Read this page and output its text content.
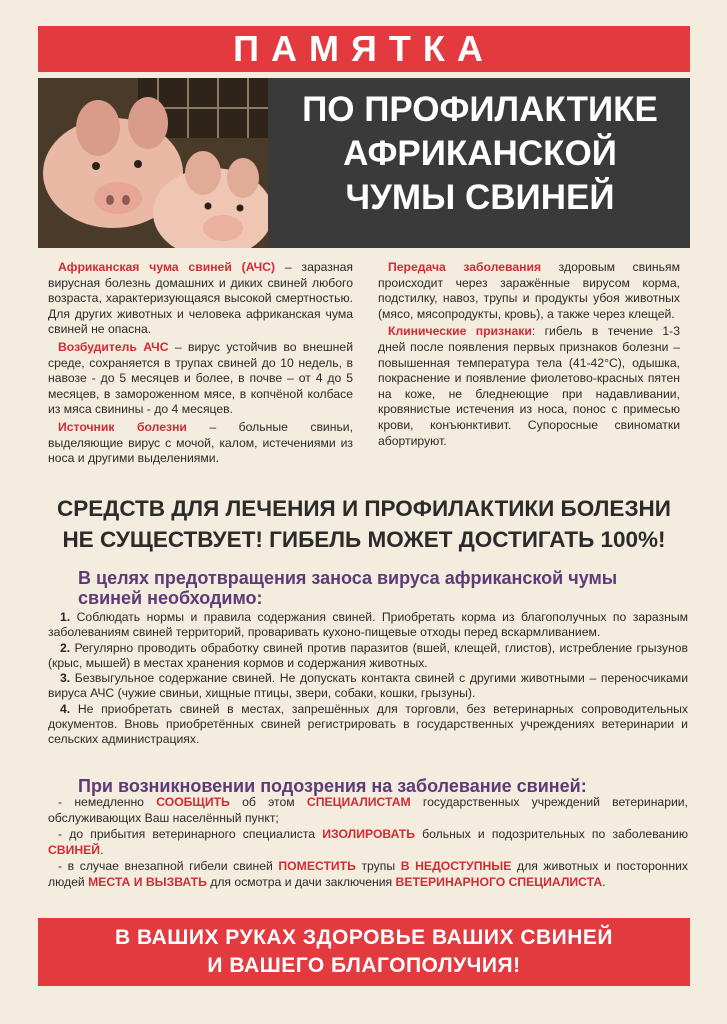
ПАМЯТКА
ПО ПРОФИЛАКТИКЕ
АФРИКАНСКОЙ
ЧУМЫ СВИНЕЙ

Африканская чума свиней (АЧС) – заразная вирусная болезнь домашних и диких свиней любого возраста, характеризующаяся высокой смертностью. Для других животных и человека африканская чума свиней не опасна.

Возбудитель АЧС – вирус устойчив во внешней среде, сохраняется в трупах свиней до 10 недель, в навозе - до 5 месяцев и более, в почве – от 4 до 5 месяцев, в замороженном мясе, в копчёной колбасе из мяса свинины - до 4 месяцев.

Источник болезни – больные свиньи, выделяющие вирус с мочой, калом, истечениями из носа и другими выделениями.

Передача заболевания здоровым свиньям происходит через заражённые вирусом корма, подстилку, навоз, трупы и продукты убоя животных (мясо, мясопродукты, кровь), а также через клещей.

Клинические признаки: гибель в течение 1-3 дней после появления первых признаков болезни – повышенная температура тела (41-42°С), одышка, покраснение и появление фиолетово-красных пятен на коже, не бледнеющие при надавливании, кровянистые истечения из носа, понос с примесью крови, конъюнктивит. Супоросные свиноматки абортируют.

СРЕДСТВ ДЛЯ ЛЕЧЕНИЯ И ПРОФИЛАКТИКИ БОЛЕЗНИ
НЕ СУЩЕСТВУЕТ! ГИБЕЛЬ МОЖЕТ ДОСТИГАТЬ 100%!
В целях предотвращения заноса вируса африканской чумы свиней необходимо:

1. Соблюдать нормы и правила содержания свиней. Приобретать корма из благополучных по заразным заболеваниям свиней территорий, проваривать кухоно-пищевые отходы перед вскармливанием.

2. Регулярно проводить обработку свиней против паразитов (вшей, клещей, глистов), истребление грызунов (крыс, мышей) в местах хранения кормов и содержания животных.

3. Безвыгульное содержание свиней. Не допускать контакта свиней с другими животными – переносчиками вируса АЧС (чужие свиньи, хищные птицы, звери, собаки, кошки, грызуны).

4. Не приобретать свиней в местах, запрешённых для торговли, без ветеринарных сопроводительных документов. Вновь приобретённых свиней регистрировать в государственных учреждениях ветеринарии и сельских администрациях.

При возникновении подозрения на заболевание свиней:

- немедленно СООБЩИТЬ об этом СПЕЦИАЛИСТАМ государственных учреждений ветеринарии, обслуживающих Ваш населённый пункт;

- до прибытия ветеринарного специалиста ИЗОЛИРОВАТЬ больных и подозрительных по заболеванию СВИНЕЙ.

- в случае внезапной гибели свиней ПОМЕСТИТЬ трупы В НЕДОСТУПНЫЕ для животных и посторонних людей МЕСТА И ВЫЗВАТЬ для осмотра и дачи заключения ВЕТЕРИНАРНОГО СПЕЦИАЛИСТА.

В ВАШИХ РУКАХ ЗДОРОВЬЕ ВАШИХ СВИНЕЙ
И ВАШЕГО БЛАГОПОЛУЧИЯ!
